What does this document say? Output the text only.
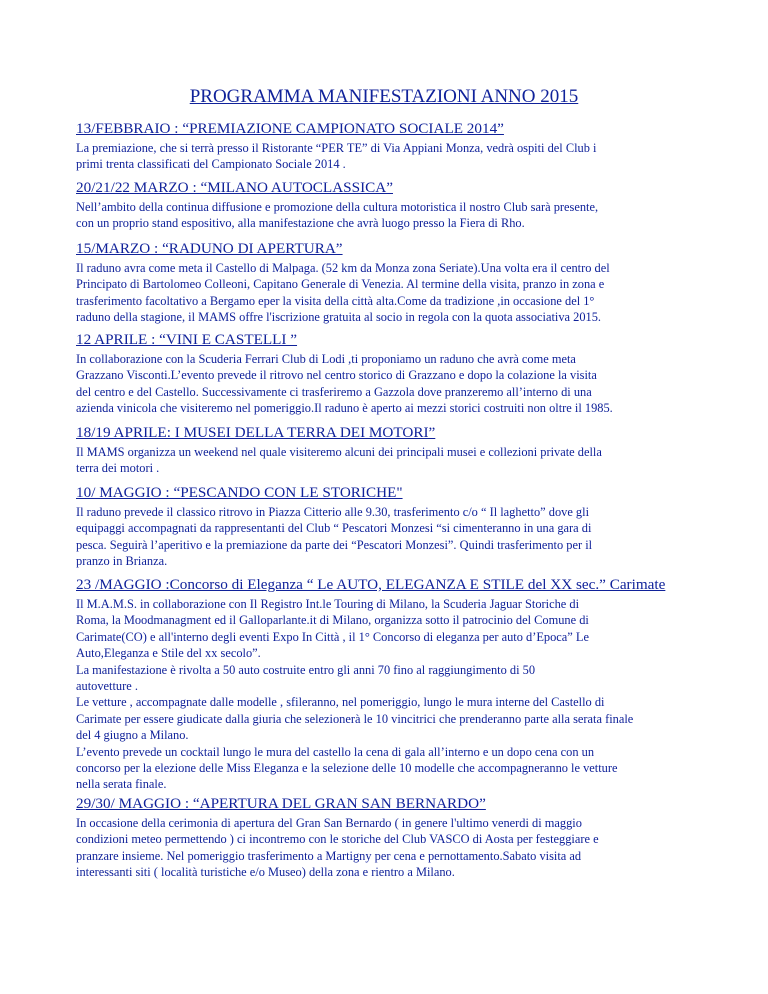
PROGRAMMA MANIFESTAZIONI ANNO 2015

13/FEBBRAIO : “PREMIAZIONE CAMPIONATO SOCIALE 2014”

La premiazione, che si terrà presso il Ristorante “PER TE” di Via Appiani Monza, vedrà ospiti del Club i
primi trenta classificati del Campionato Sociale 2014 .

20/21/22 MARZO : “MILANO AUTOCLASSICA”

Nell’ambito della continua diffusione e promozione della cultura motoristica il nostro Club sarà presente,
con un proprio stand espositivo, alla manifestazione che avrà luogo presso la Fiera di Rho.

15/MARZO : “RADUNO DI APERTURA”

Il raduno avra come meta il Castello di Malpaga. (52 km da Monza zona Seriate).Una volta era il centro del
Principato di Bartolomeo Colleoni, Capitano Generale di Venezia. Al termine della visita, pranzo in zona e
trasferimento facoltativo a Bergamo eper la visita della città alta.Come da tradizione ,in occasione del 1°
raduno della stagione, il MAMS offre l'iscrizione gratuita al socio in regola con la quota associativa 2015.

12 APRILE : “VINI E CASTELLI ”

In collaborazione con la Scuderia Ferrari Club di Lodi ,ti proponiamo un raduno che avrà come meta
Grazzano Visconti.L’evento prevede il ritrovo nel centro storico di Grazzano e dopo la colazione la visita
del centro e del Castello. Successivamente ci trasferiremo a Gazzola dove pranzeremo all’interno di una
azienda vinicola che visiteremo nel pomeriggio.Il raduno è aperto ai mezzi storici costruiti non oltre il 1985.

18/19 APRILE: I MUSEI DELLA TERRA DEI MOTORI”

Il MAMS organizza un weekend nel quale visiteremo alcuni dei principali musei e collezioni private della
terra dei motori .

10/ MAGGIO : “PESCANDO CON LE STORICHE"

Il raduno prevede il classico ritrovo in Piazza Citterio alle 9.30, trasferimento c/o “ Il laghetto” dove gli
equipaggi accompagnati da rappresentanti del Club “ Pescatori Monzesi “si cimenteranno in una gara di
pesca. Seguirà l’aperitivo e la premiazione da parte dei “Pescatori Monzesi”. Quindi trasferimento per il
pranzo in Brianza.

23 /MAGGIO :Concorso di Eleganza “ Le AUTO, ELEGANZA E STILE del XX sec.” Carimate

Il M.A.M.S. in collaborazione con Il Registro Int.le Touring di Milano, la Scuderia Jaguar Storiche di
Roma, la Moodmanagment ed il Galloparlante.it di Milano, organizza sotto il patrocinio del Comune di
Carimate(CO) e all'interno degli eventi Expo In Città , il 1° Concorso di eleganza per auto d’Epoca” Le
Auto,Eleganza e Stile del xx secolo”.
La manifestazione è rivolta a 50 auto costruite entro gli anni 70 fino al raggiungimento di 50
autovetture .
Le vetture , accompagnate dalle modelle , sfileranno, nel pomeriggio, lungo le mura interne del Castello di
Carimate per essere giudicate dalla giuria che selezionerà le 10 vincitrici che prenderanno parte alla serata finale
del 4 giugno a Milano.
L’evento prevede un cocktail lungo le mura del castello la cena di gala all’interno e un dopo cena con un
concorso per la elezione delle Miss Eleganza e la selezione delle 10 modelle che accompagneranno le vetture
nella serata finale.

29/30/ MAGGIO : “APERTURA DEL GRAN SAN BERNARDO”

In occasione della cerimonia di apertura del Gran San Bernardo ( in genere l'ultimo venerdi di maggio
condizioni meteo permettendo ) ci incontremo con le storiche del Club VASCO di Aosta per festeggiare e
pranzare insieme. Nel pomeriggio trasferimento a Martigny per cena e pernottamento.Sabato visita ad
interessanti siti ( località turistiche e/o Museo) della zona e rientro a Milano.
